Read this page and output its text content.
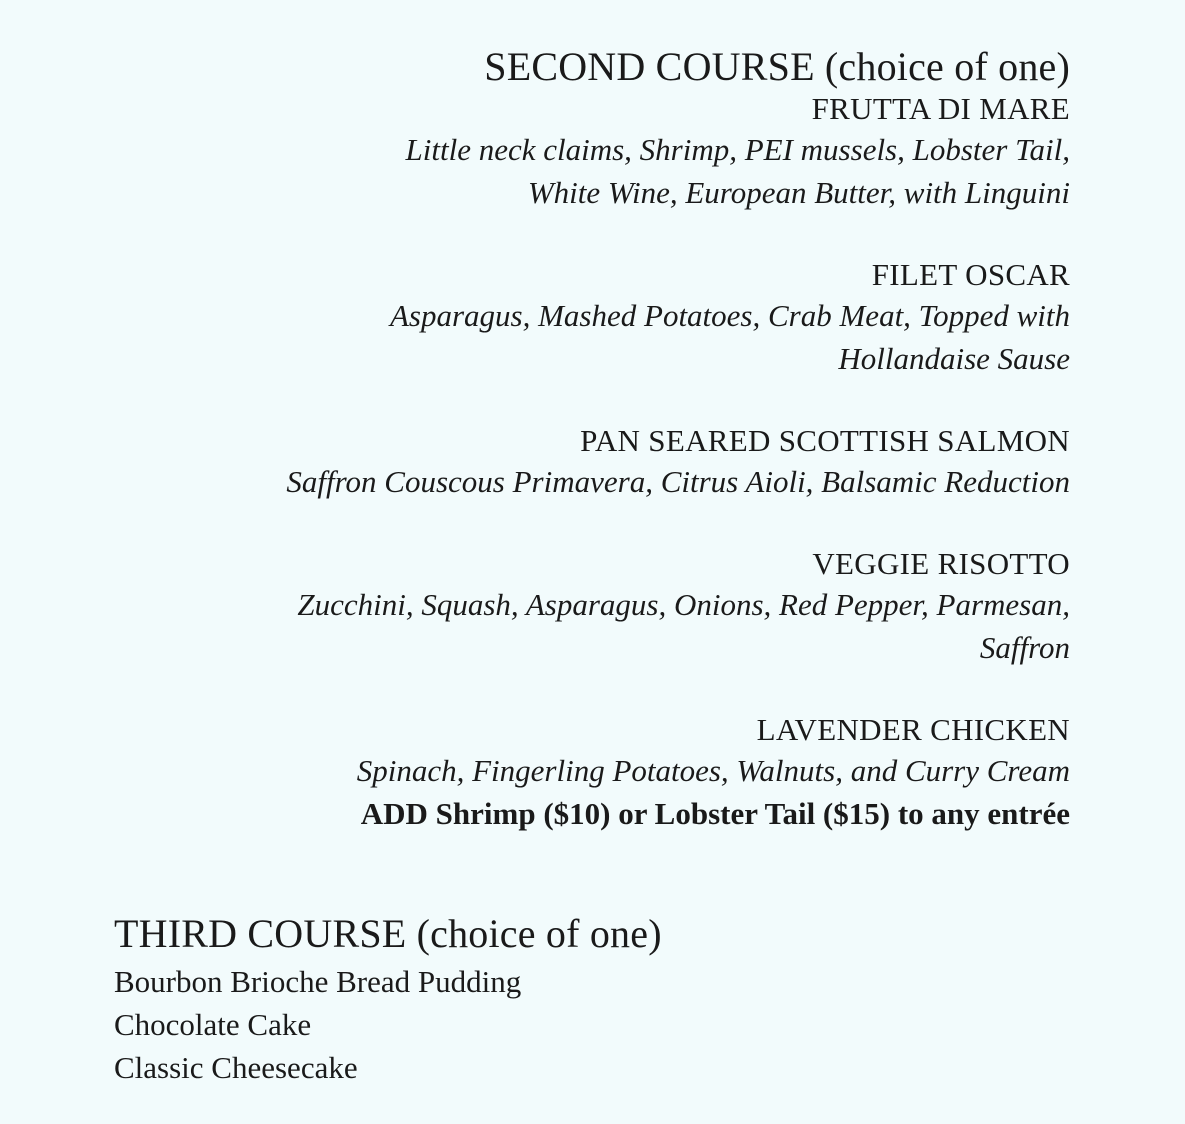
SECOND COURSE (choice of one)

FRUTTA DI MARE

Little neck claims, Shrimp, PEI mussels, Lobster Tail,
White Wine, European Butter, with Linguini

FILET OSCAR

Asparagus, Mashed Potatoes, Crab Meat, Topped with
Hollandaise Sause

PAN SEARED SCOTTISH SALMON

Saffron Couscous Primavera, Citrus Aioli, Balsamic Reduction

VEGGIE RISOTTO

Zucchini, Squash, Asparagus, Onions, Red Pepper, Parmesan,
Saffron

LAVENDER CHICKEN

Spinach, Fingerling Potatoes, Walnuts, and Curry Cream

ADD Shrimp ($10) or Lobster Tail ($15) to any entrée

THIRD COURSE (choice of one)
Bourbon Brioche Bread Pudding
Chocolate Cake
Classic Cheesecake
